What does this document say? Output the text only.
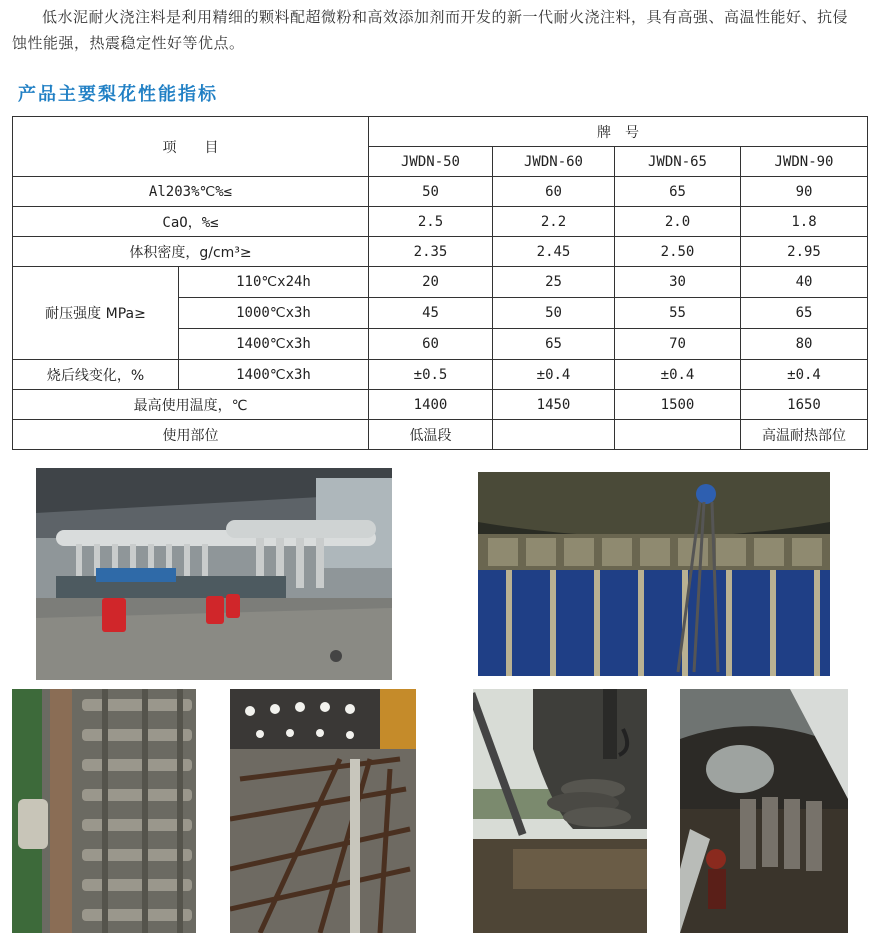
低水泥耐火浇注料是利用精细的颗料配超微粉和高效添加剂而开发的新一代耐火浇注料，具有高强、高温性能好、抗侵蚀性能强，热震稳定性好等优点。
产品主要梨花性能指标
项　　目		牌　号			
		JWDN-50	JWDN-60	JWDN-65	JWDN-90
Al203%℃%≤		50	60	65	90
CaO，%≤		2.5	2.2	2.0	1.8
体积密度，g/cm³≥		2.35	2.45	2.50	2.95
耐压强度 MPa≥	110℃x24h	20	25	30	40
	1000℃x3h	45	50	55	65
	1400℃x3h	60	65	70	80
烧后线变化，%	1400℃x3h	±0.5	±0.4	±0.4	±0.4
最高使用温度，℃		1400	1450	1500	1650
使用部位		低温段			高温耐热部位
